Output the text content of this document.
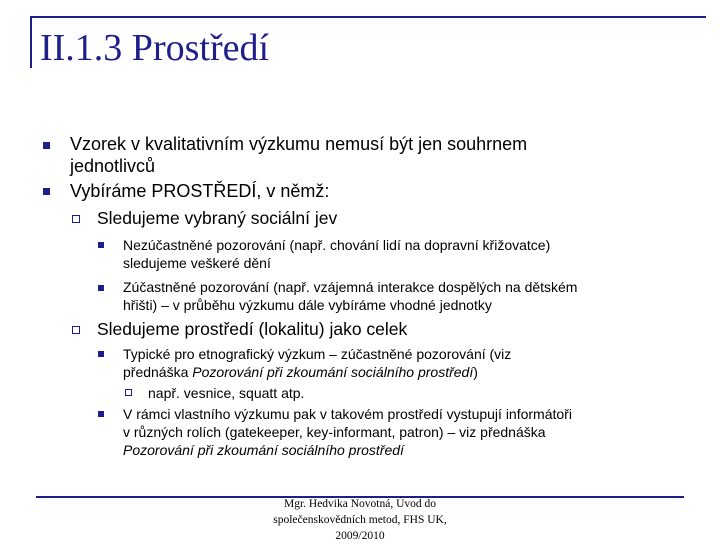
II.1.3 Prostředí
Vzorek v kvalitativním výzkumu nemusí být jen souhrnem
jednotlivců
Vybíráme PROSTŘEDÍ, v němž:
Sledujeme vybraný sociální jev
Nezúčastněné pozorování (např. chování lidí na dopravní křižovatce)
sledujeme veškeré dění
Zúčastněné pozorování (např. vzájemná interakce dospělých na dětském
hřišti) – v průběhu výzkumu dále vybíráme vhodné jednotky
Sledujeme prostředí (lokalitu) jako celek
Typické pro etnografický výzkum – zúčastněné pozorování (viz
přednáška Pozorování při zkoumání sociálního prostředí)
např. vesnice, squatt atp.
V rámci vlastního výzkumu pak v takovém prostředí vystupují informátoři
v různých rolích (gatekeeper, key-informant, patron) – viz přednáška
Pozorování při zkoumání sociálního prostředí
Mgr. Hedvika Novotná, Úvod do
společenskovědních metod, FHS UK,
2009/2010
